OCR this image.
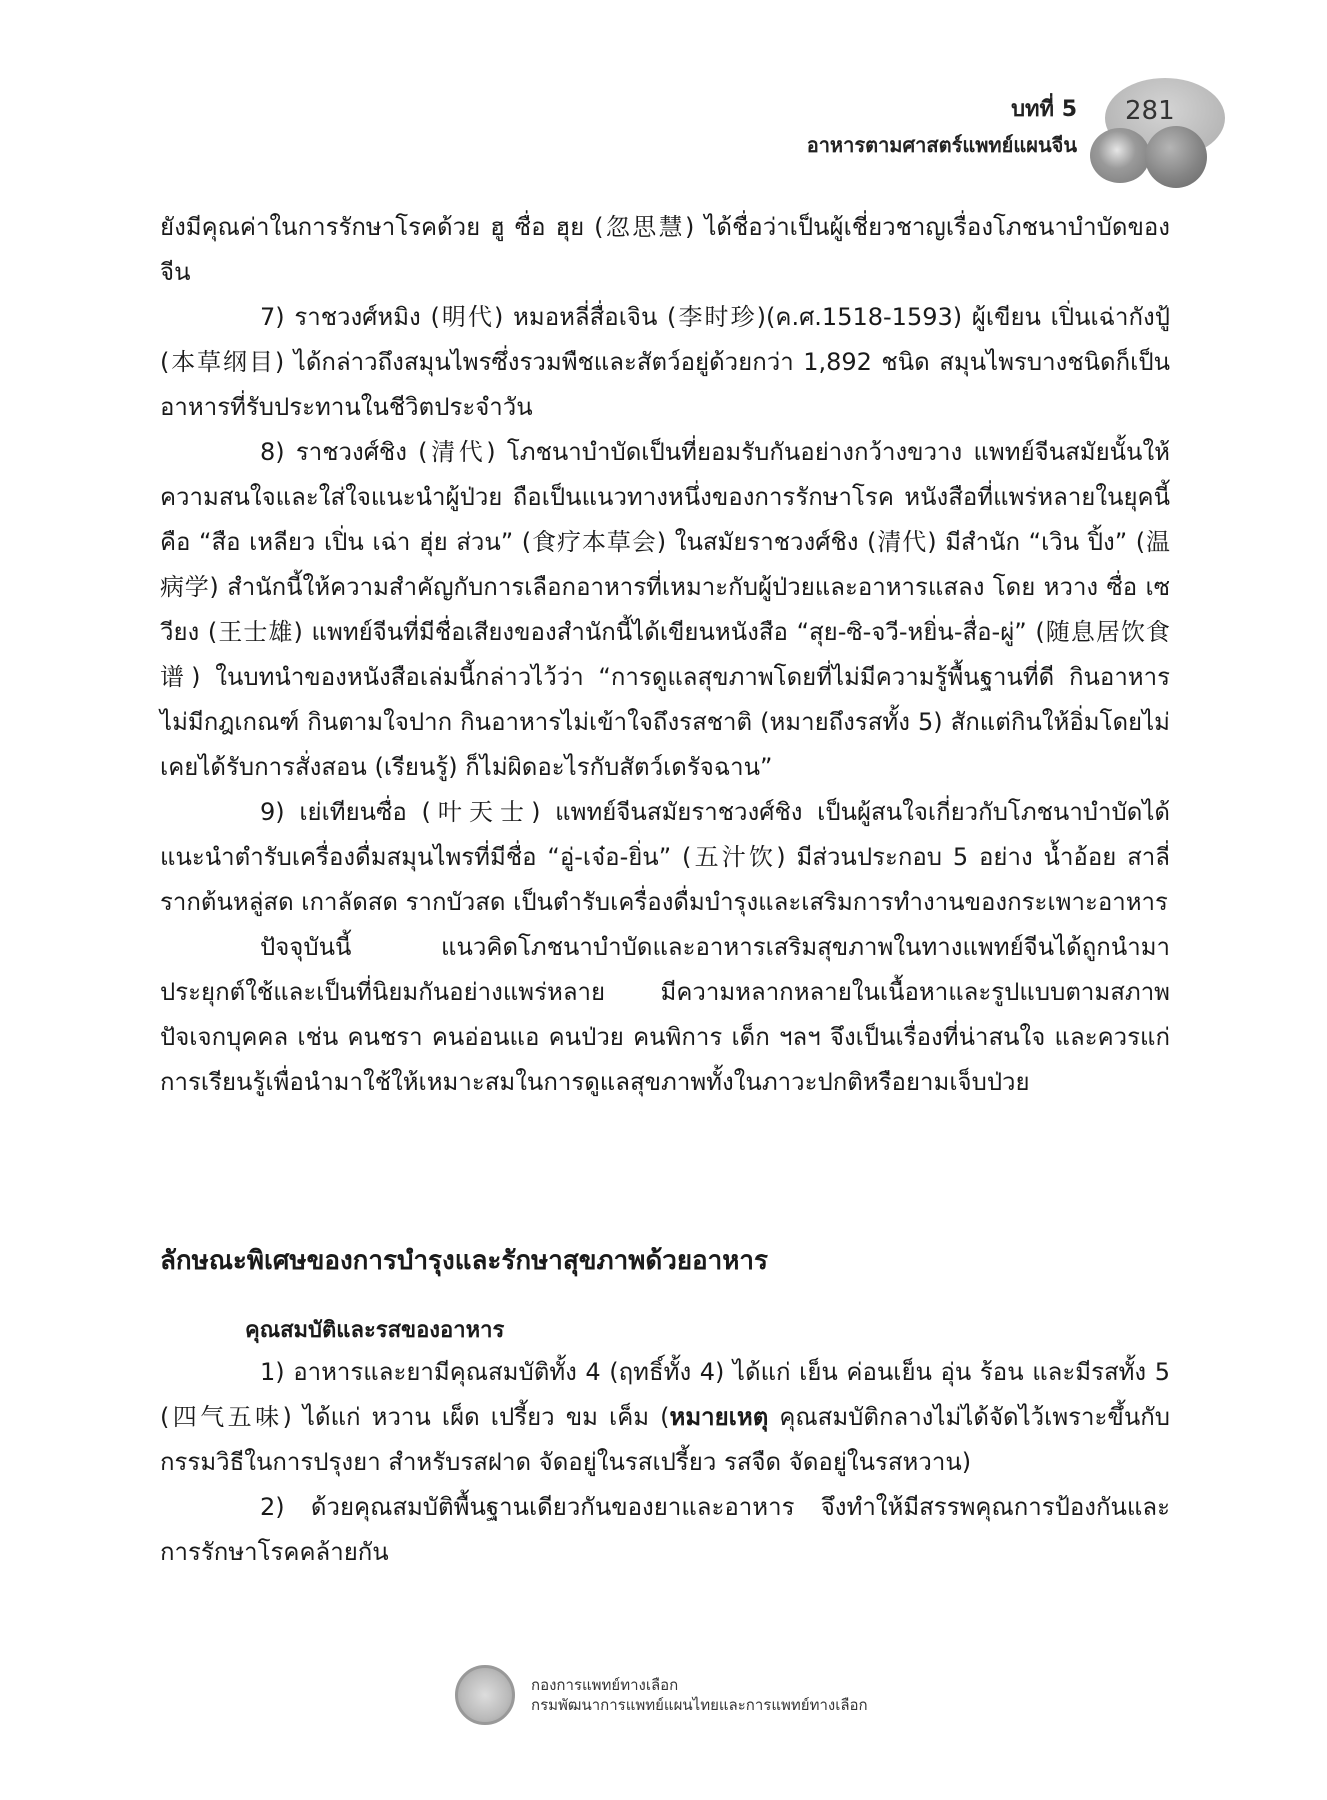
บทที่ 5
อาหารตามศาสตร์แพทย์แผนจีน
281

ยังมีคุณค่าในการรักษาโรคด้วย ฮู ซื่อ ฮุย (忽思慧) ได้ชื่อว่าเป็นผู้เชี่ยวชาญเรื่องโภชนาบำบัดของจีน

7) ราชวงศ์หมิง (明代) หมอหลี่สื่อเจิน (李时珍)(ค.ศ.1518-1593) ผู้เขียน เปิ่นเฉ่ากังปู้ (本草纲目) ได้กล่าวถึงสมุนไพรซึ่งรวมพืชและสัตว์อยู่ด้วยกว่า 1,892 ชนิด สมุนไพรบางชนิดก็เป็นอาหารที่รับประทานในชีวิตประจำวัน

8) ราชวงศ์ชิง (清代) โภชนาบำบัดเป็นที่ยอมรับกันอย่างกว้างขวาง แพทย์จีนสมัยนั้นให้ความสนใจและใส่ใจแนะนำผู้ป่วย ถือเป็นแนวทางหนึ่งของการรักษาโรค หนังสือที่แพร่หลายในยุคนี้คือ “สือ เหลียว เปิ่น เฉ่า ฮุ่ย ส่วน” (食疗本草会) ในสมัยราชวงศ์ชิง (清代) มีสำนัก “เวิน ปิ้ง” (温病学) สำนักนี้ให้ความสำคัญกับการเลือกอาหารที่เหมาะกับผู้ป่วยและอาหารแสลง โดย หวาง ซื่อ เซวียง (王士雄) แพทย์จีนที่มีชื่อเสียงของสำนักนี้ได้เขียนหนังสือ “สุย-ซิ-จวี-หยิ่น-สื่อ-ผู่” (随息居饮食谱) ในบทนำของหนังสือเล่มนี้กล่าวไว้ว่า “การดูแลสุขภาพโดยที่ไม่มีความรู้พื้นฐานที่ดี กินอาหารไม่มีกฎเกณฑ์ กินตามใจปาก กินอาหารไม่เข้าใจถึงรสชาติ (หมายถึงรสทั้ง 5) สักแต่กินให้อิ่มโดยไม่เคยได้รับการสั่งสอน (เรียนรู้) ก็ไม่ผิดอะไรกับสัตว์เดรัจฉาน”

9) เย่เทียนซื่อ (叶天士) แพทย์จีนสมัยราชวงศ์ชิง เป็นผู้สนใจเกี่ยวกับโภชนาบำบัดได้แนะนำตำรับเครื่องดื่มสมุนไพรที่มีชื่อ “อู่-เจ๋อ-ยิ่น” (五汁饮) มีส่วนประกอบ 5 อย่าง น้ำอ้อย สาลี่ รากต้นหลู่สด เกาลัดสด รากบัวสด เป็นตำรับเครื่องดื่มบำรุงและเสริมการทำงานของกระเพาะอาหาร

ปัจจุบันนี้ แนวคิดโภชนาบำบัดและอาหารเสริมสุขภาพในทางแพทย์จีนได้ถูกนำมาประยุกต์ใช้และเป็นที่นิยมกันอย่างแพร่หลาย มีความหลากหลายในเนื้อหาและรูปแบบตามสภาพปัจเจกบุคคล เช่น คนชรา คนอ่อนแอ คนป่วย คนพิการ เด็ก ฯลฯ จึงเป็นเรื่องที่น่าสนใจ และควรแก่การเรียนรู้เพื่อนำมาใช้ให้เหมาะสมในการดูแลสุขภาพทั้งในภาวะปกติหรือยามเจ็บป่วย

ลักษณะพิเศษของการบำรุงและรักษาสุขภาพด้วยอาหาร
คุณสมบัติและรสของอาหาร

1) อาหารและยามีคุณสมบัติทั้ง 4 (ฤทธิ์ทั้ง 4) ได้แก่ เย็น ค่อนเย็น อุ่น ร้อน และมีรสทั้ง 5 (四气五味) ได้แก่ หวาน เผ็ด เปรี้ยว ขม เค็ม (หมายเหตุ คุณสมบัติกลางไม่ได้จัดไว้เพราะขึ้นกับกรรมวิธีในการปรุงยา สำหรับรสฝาด จัดอยู่ในรสเปรี้ยว รสจืด จัดอยู่ในรสหวาน)

2) ด้วยคุณสมบัติพื้นฐานเดียวกันของยาและอาหาร จึงทำให้มีสรรพคุณการป้องกันและการรักษาโรคคล้ายกัน

กองการแพทย์ทางเลือก
กรมพัฒนาการแพทย์แผนไทยและการแพทย์ทางเลือก
